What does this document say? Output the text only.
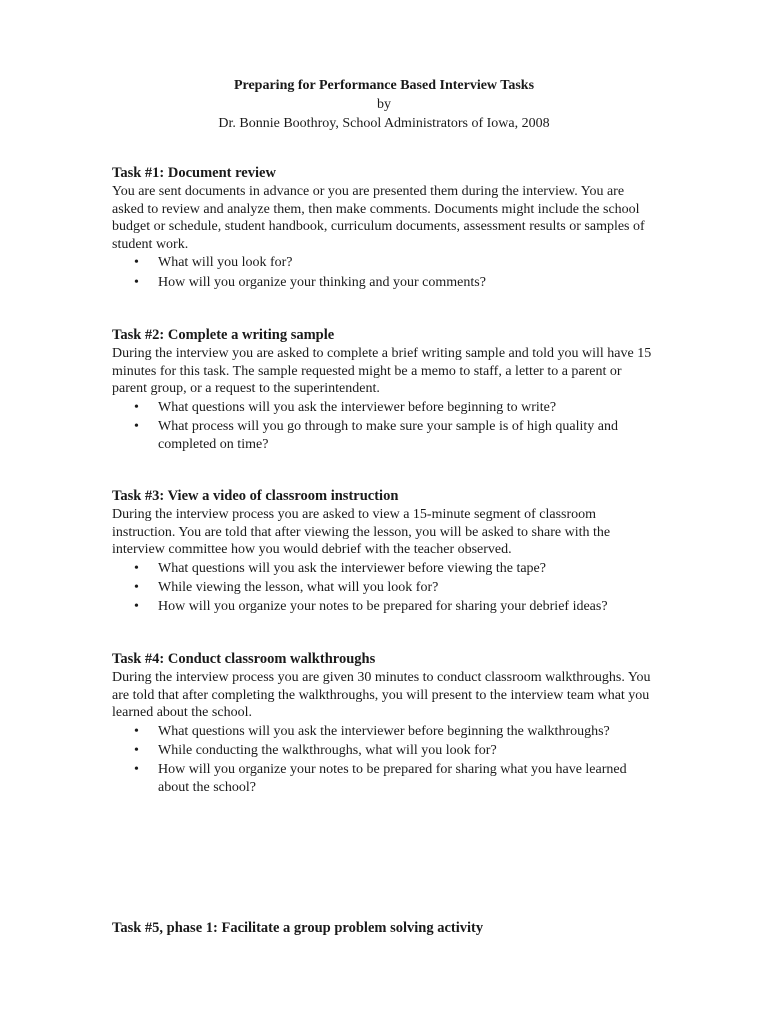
Preparing for Performance Based Interview Tasks
by
Dr. Bonnie Boothroy, School Administrators of Iowa, 2008
Task #1: Document review

You are sent documents in advance or you are presented them during the interview. You are asked to review and analyze them, then make comments. Documents might include the school budget or schedule, student handbook, curriculum documents, assessment results or samples of student work.

• What will you look for?
• How will you organize your thinking and your comments?
Task #2: Complete a writing sample

During the interview you are asked to complete a brief writing sample and told you will have 15 minutes for this task. The sample requested might be a memo to staff, a letter to a parent or parent group, or a request to the superintendent.

• What questions will you ask the interviewer before beginning to write?
• What process will you go through to make sure your sample is of high quality and completed on time?
Task #3: View a video of classroom instruction

During the interview process you are asked to view a 15-minute segment of classroom instruction. You are told that after viewing the lesson, you will be asked to share with the interview committee how you would debrief with the teacher observed.

• What questions will you ask the interviewer before viewing the tape?
• While viewing the lesson, what will you look for?
• How will you organize your notes to be prepared for sharing your debrief ideas?
Task #4: Conduct classroom walkthroughs

During the interview process you are given 30 minutes to conduct classroom walkthroughs. You are told that after completing the walkthroughs, you will present to the interview team what you learned about the school.

• What questions will you ask the interviewer before beginning the walkthroughs?
• While conducting the walkthroughs, what will you look for?
• How will you organize your notes to be prepared for sharing what you have learned about the school?
Task #5, phase 1: Facilitate a group problem solving activity
